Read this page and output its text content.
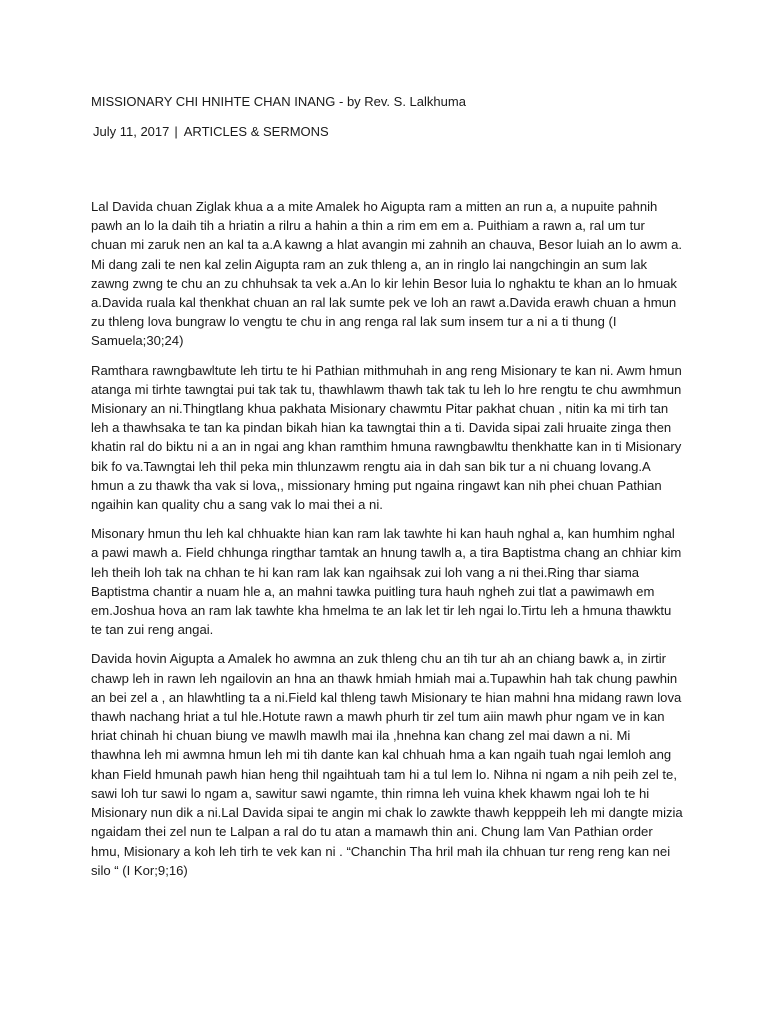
MISSIONARY CHI HNIHTE CHAN INANG - by Rev. S. Lalkhuma
July 11, 2017 | ARTICLES & SERMONS

Lal Davida chuan Ziglak khua a a mite Amalek ho Aigupta ram a mitten an run a, a nupuite pahnih pawh an lo la daih tih a hriatin a rilru a hahin a thin a rim em em a. Puithiam a rawn a, ral um tur chuan mi zaruk nen an kal ta a.A kawng a hlat avangin mi zahnih an chauva, Besor luiah an lo awm a. Mi dang zali te nen kal zelin Aigupta ram an zuk thleng a, an in ringlo lai nangchingin an sum lak zawng zwng te chu an zu chhuhsak ta vek a.An lo kir lehin Besor luia lo nghaktu te khan an lo hmuak a.Davida ruala kal thenkhat chuan an ral lak sumte pek ve loh an rawt a.Davida erawh chuan a hmun zu thleng lova bungraw lo vengtu te chu in ang renga ral lak sum insem tur a ni a ti thung (I Samuela;30;24)

Ramthara rawngbawltute leh tirtu te hi Pathian mithmuhah in ang reng Misionary te kan ni. Awm hmun atanga mi tirhte tawngtai pui tak tak tu, thawhlawm thawh tak tak tu leh lo hre rengtu te chu awmhmun Misionary an ni.Thingtlang khua pakhata Misionary chawmtu Pitar pakhat chuan , nitin ka mi tirh tan leh a thawhsaka te tan ka pindan bikah hian ka tawngtai thin a ti. Davida sipai zali hruaite zinga then khatin ral do biktu ni a an in ngai ang khan ramthim hmuna rawngbawltu thenkhatte kan in ti Misionary bik fo va.Tawngtai leh thil peka min thlunzawm rengtu aia in dah san bik tur a ni chuang lovang.A hmun a zu thawk tha vak si lova,, missionary hming put ngaina ringawt kan nih phei chuan Pathian ngaihin kan quality chu a sang vak lo mai thei a ni.

Misonary hmun thu leh kal chhuakte hian kan ram lak tawhte hi kan hauh nghal a, kan humhim nghal a pawi mawh a. Field chhunga ringthar tamtak an hnung tawlh a, a tira Baptistma chang an chhiar kim leh theih loh tak na chhan te hi kan ram lak kan ngaihsak zui loh vang a ni thei.Ring thar siama Baptistma chantir a nuam hle a, an mahni tawka puitling tura hauh ngheh zui tlat a pawimawh em em.Joshua hova an ram lak tawhte kha hmelma te an lak let tir leh ngai lo.Tirtu leh a hmuna thawktu te tan zui reng angai.

Davida hovin Aigupta a Amalek ho awmna an zuk thleng chu an tih tur ah an chiang bawk a, in zirtir chawp leh in rawn leh ngailovin an hna an thawk hmiah hmiah mai a.Tupawhin hah tak chung pawhin an bei zel a , an hlawhtling ta a ni.Field kal thleng tawh Misionary te hian mahni hna midang rawn lova thawh nachang hriat a tul hle.Hotute rawn a mawh phurh tir zel tum aiin mawh phur ngam ve in kan hriat chinah hi chuan biung ve mawlh mawlh mai ila ,hnehna kan chang zel mai dawn a ni. Mi thawhna leh mi awmna hmun leh mi tih dante kan kal chhuah hma a kan ngaih tuah ngai lemloh ang khan Field hmunah pawh hian heng thil ngaihtuah tam hi a tul lem lo. Nihna ni ngam a nih peih zel te, sawi loh tur sawi lo ngam a, sawitur sawi ngamte, thin rimna leh vuina khek khawm ngai loh te hi Misionary nun dik a ni.Lal Davida sipai te angin mi chak lo zawkte thawh kepppeih leh mi dangte mizia ngaidam thei zel nun te Lalpan a ral do tu atan a mamawh thin ani. Chung lam Van Pathian order hmu, Misionary a koh leh tirh te vek kan ni . “Chanchin Tha hril mah ila chhuan tur reng reng kan nei silo “ (I Kor;9;16)
